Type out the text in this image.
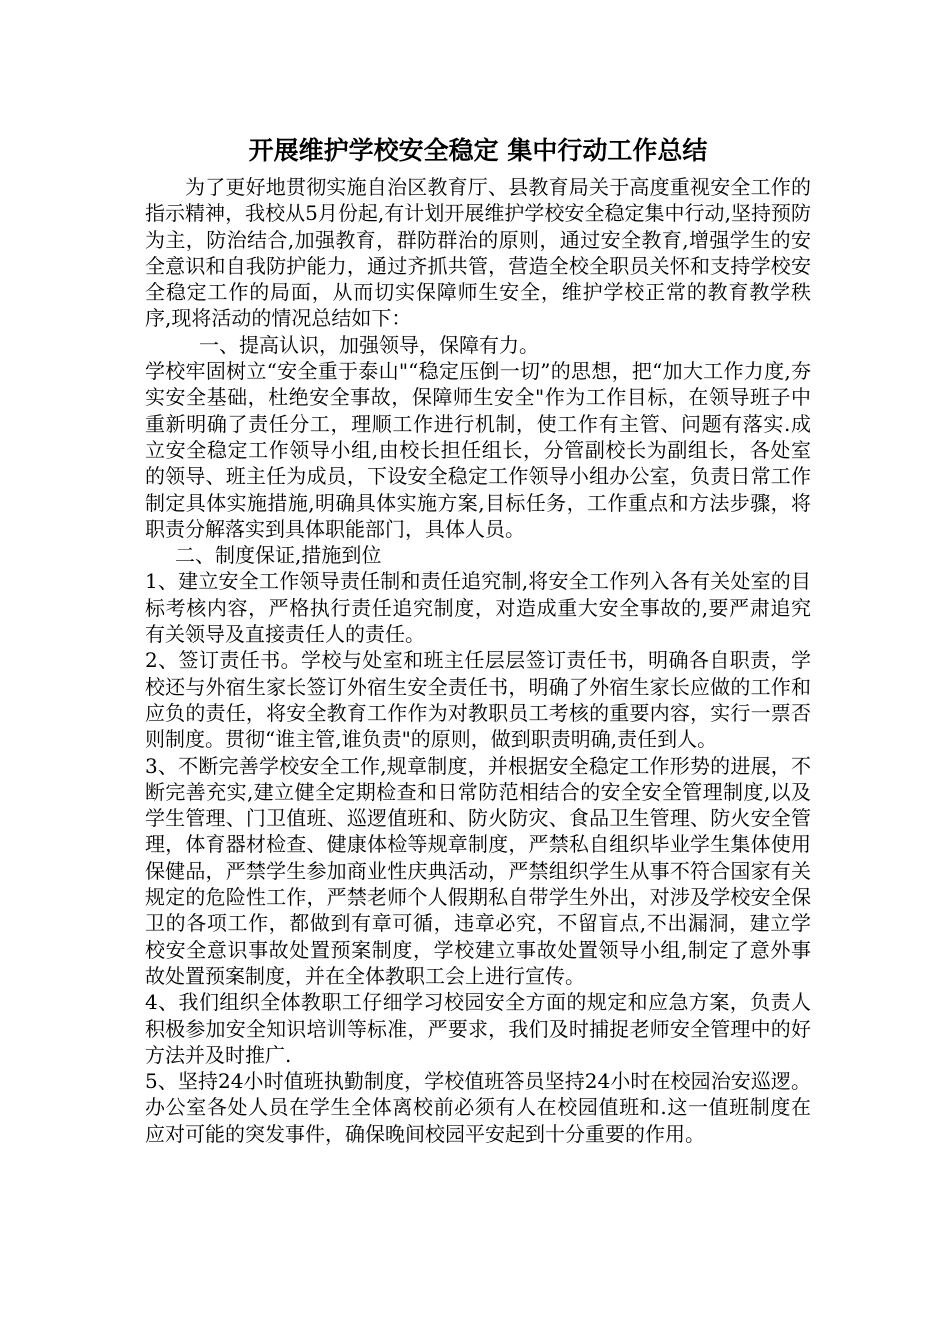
开展维护学校安全稳定 集中行动工作总结

为了更好地贯彻实施自治区教育厅、县教育局关于高度重视安全工作的指示精神，我校从5月份起,有计划开展维护学校安全稳定集中行动,坚持预防为主，防治结合,加强教育，群防群治的原则，通过安全教育,增强学生的安全意识和自我防护能力，通过齐抓共管，营造全校全职员关怀和支持学校安全稳定工作的局面，从而切实保障师生安全，维护学校正常的教育教学秩序,现将活动的情况总结如下：

一、提高认识，加强领导，保障有力。

学校牢固树立“安全重于泰山"“稳定压倒一切”的思想，把“加大工作力度,夯实安全基础，杜绝安全事故，保障师生安全"作为工作目标，在领导班子中重新明确了责任分工，理顺工作进行机制，使工作有主管、问题有落实.成立安全稳定工作领导小组,由校长担任组长，分管副校长为副组长，各处室的领导、班主任为成员，下设安全稳定工作领导小组办公室，负责日常工作制定具体实施措施,明确具体实施方案,目标任务，工作重点和方法步骤，将职责分解落实到具体职能部门，具体人员。

二、制度保证,措施到位

1、建立安全工作领导责任制和责任追究制,将安全工作列入各有关处室的目标考核内容，严格执行责任追究制度，对造成重大安全事故的,要严肃追究有关领导及直接责任人的责任。

2、签订责任书。学校与处室和班主任层层签订责任书，明确各自职责，学校还与外宿生家长签订外宿生安全责任书，明确了外宿生家长应做的工作和应负的责任，将安全教育工作作为对教职员工考核的重要内容，实行一票否则制度。贯彻“谁主管,谁负责"的原则，做到职责明确,责任到人。

3、不断完善学校安全工作,规章制度，并根据安全稳定工作形势的进展，不断完善充实,建立健全定期检查和日常防范相结合的安全安全管理制度,以及学生管理、门卫值班、巡逻值班和、防火防灾、食品卫生管理、防火安全管理，体育器材检查、健康体检等规章制度，严禁私自组织毕业学生集体使用保健品，严禁学生参加商业性庆典活动，严禁组织学生从事不符合国家有关规定的危险性工作，严禁老师个人假期私自带学生外出，对涉及学校安全保卫的各项工作，都做到有章可循，违章必究，不留盲点,不出漏洞，建立学校安全意识事故处置预案制度，学校建立事故处置领导小组,制定了意外事故处置预案制度，并在全体教职工会上进行宣传。

4、我们组织全体教职工仔细学习校园安全方面的规定和应急方案，负责人积极参加安全知识培训等标准，严要求，我们及时捕捉老师安全管理中的好方法并及时推广.

5、坚持24小时值班执勤制度，学校值班答员坚持24小时在校园治安巡逻。办公室各处人员在学生全体离校前必须有人在校园值班和.这一值班制度在应对可能的突发事件，确保晚间校园平安起到十分重要的作用。
